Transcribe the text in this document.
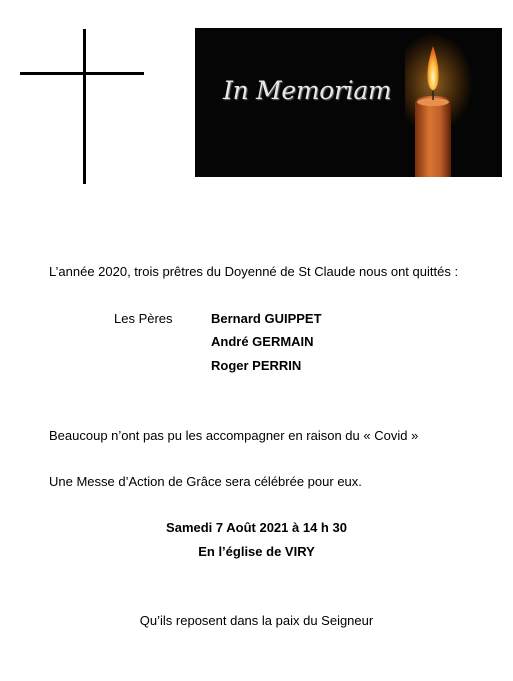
In Memoriam
L’année 2020, trois prêtres du Doyenné de St Claude nous ont quittés :
Les Pères	Bernard GUIPPET
André GERMAIN
Roger PERRIN
Beaucoup n’ont pas pu les accompagner en raison du « Covid »
Une Messe d’Action de Grâce sera célébrée pour eux.
Samedi 7 Août 2021 à 14 h 30
En l’église de VIRY
Qu’ils reposent dans la paix du Seigneur
